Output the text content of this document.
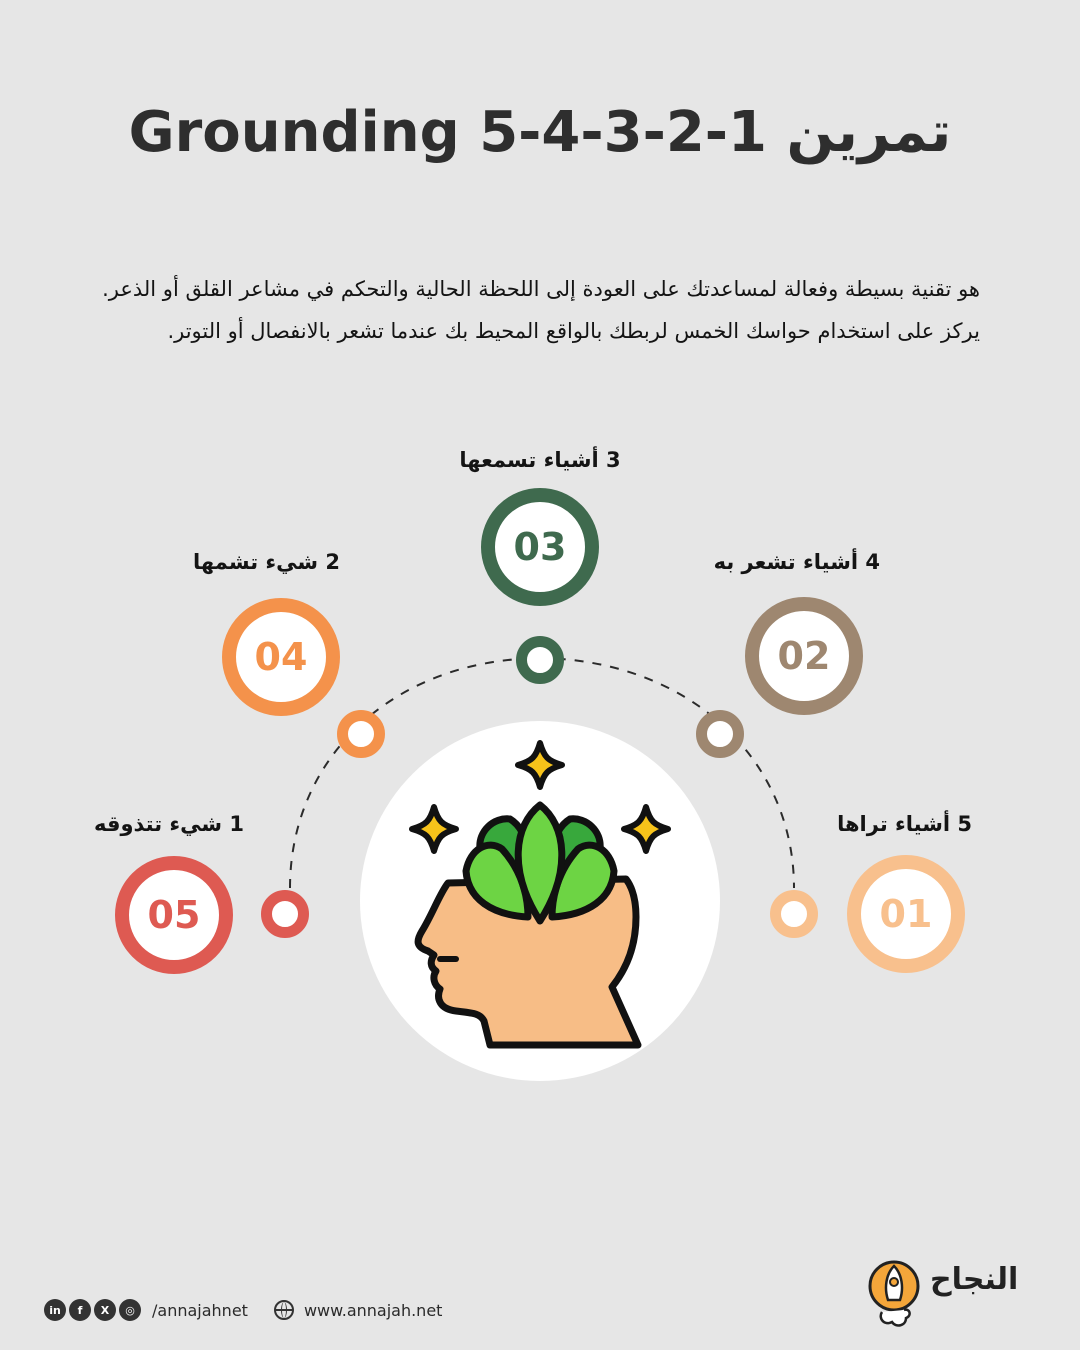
تمرين Grounding 5-4-3-2-1

هو تقنية بسيطة وفعالة لمساعدتك على العودة إلى اللحظة الحالية والتحكم في مشاعر القلق أو الذعر.

يركز على استخدام حواسك الخمس لربطك بالواقع المحيط بك عندما تشعر بالانفصال أو التوتر.

3 أشياء تسمعها
03	4 أشياء تشعر به
02
2 شيء تشمها
04
5 أشياء تراها
01
1 شيء تتذوقه
05
in	f	X	◎	/annajahnet	www.annajah.net
النجاح
